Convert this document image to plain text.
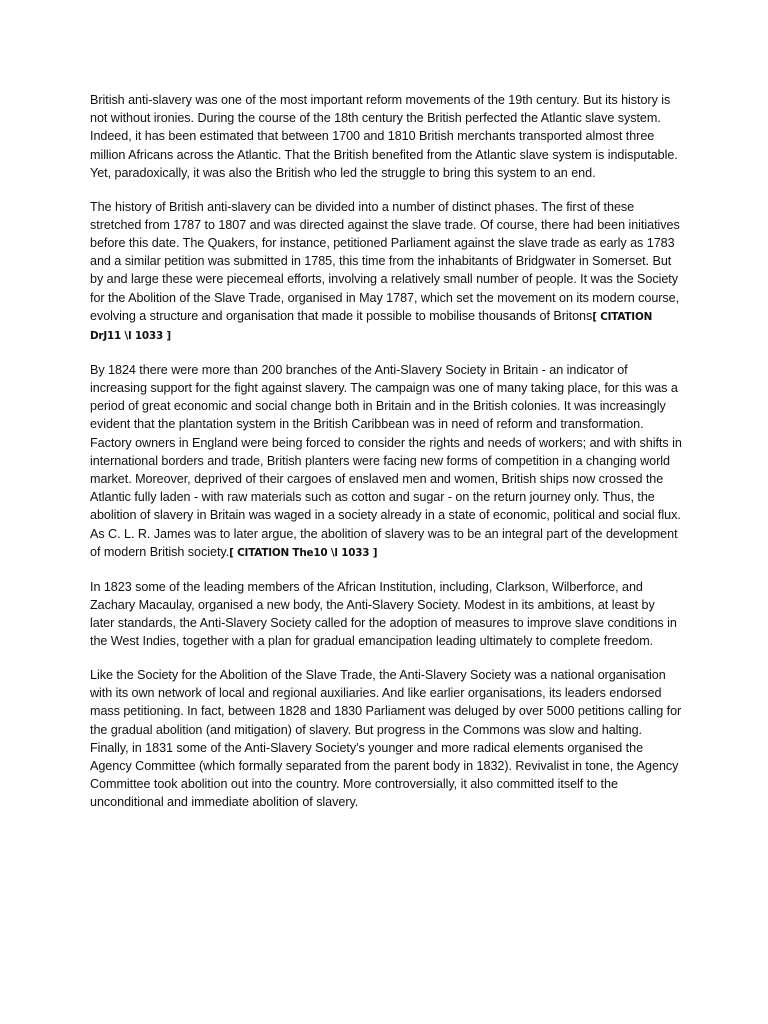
British anti-slavery was one of the most important reform movements of the 19th century. But its history is not without ironies. During the course of the 18th century the British perfected the Atlantic slave system. Indeed, it has been estimated that between 1700 and 1810 British merchants transported almost three million Africans across the Atlantic. That the British benefited from the Atlantic slave system is indisputable. Yet, paradoxically, it was also the British who led the struggle to bring this system to an end.

The history of British anti-slavery can be divided into a number of distinct phases. The first of these stretched from 1787 to 1807 and was directed against the slave trade. Of course, there had been initiatives before this date. The Quakers, for instance, petitioned Parliament against the slave trade as early as 1783 and a similar petition was submitted in 1785, this time from the inhabitants of Bridgwater in Somerset. But by and large these were piecemeal efforts, involving a relatively small number of people. It was the Society for the Abolition of the Slave Trade, organised in May 1787, which set the movement on its modern course, evolving a structure and organisation that made it possible to mobilise thousands of Britons[ CITATION DrJ11 \l 1033 ]

By 1824 there were more than 200 branches of the Anti-Slavery Society in Britain - an indicator of increasing support for the fight against slavery. The campaign was one of many taking place, for this was a period of great economic and social change both in Britain and in the British colonies. It was increasingly evident that the plantation system in the British Caribbean was in need of reform and transformation. Factory owners in England were being forced to consider the rights and needs of workers; and with shifts in international borders and trade, British planters were facing new forms of competition in a changing world market. Moreover, deprived of their cargoes of enslaved men and women, British ships now crossed the Atlantic fully laden - with raw materials such as cotton and sugar - on the return journey only. Thus, the abolition of slavery in Britain was waged in a society already in a state of economic, political and social flux. As C. L. R. James was to later argue, the abolition of slavery was to be an integral part of the development of modern British society.[ CITATION The10 \l 1033 ]

In 1823 some of the leading members of the African Institution, including, Clarkson, Wilberforce, and Zachary Macaulay, organised a new body, the Anti-Slavery Society. Modest in its ambitions, at least by later standards, the Anti-Slavery Society called for the adoption of measures to improve slave conditions in the West Indies, together with a plan for gradual emancipation leading ultimately to complete freedom.

Like the Society for the Abolition of the Slave Trade, the Anti-Slavery Society was a national organisation with its own network of local and regional auxiliaries. And like earlier organisations, its leaders endorsed mass petitioning. In fact, between 1828 and 1830 Parliament was deluged by over 5000 petitions calling for the gradual abolition (and mitigation) of slavery. But progress in the Commons was slow and halting. Finally, in 1831 some of the Anti-Slavery Society's younger and more radical elements organised the Agency Committee (which formally separated from the parent body in 1832). Revivalist in tone, the Agency Committee took abolition out into the country. More controversially, it also committed itself to the unconditional and immediate abolition of slavery.
